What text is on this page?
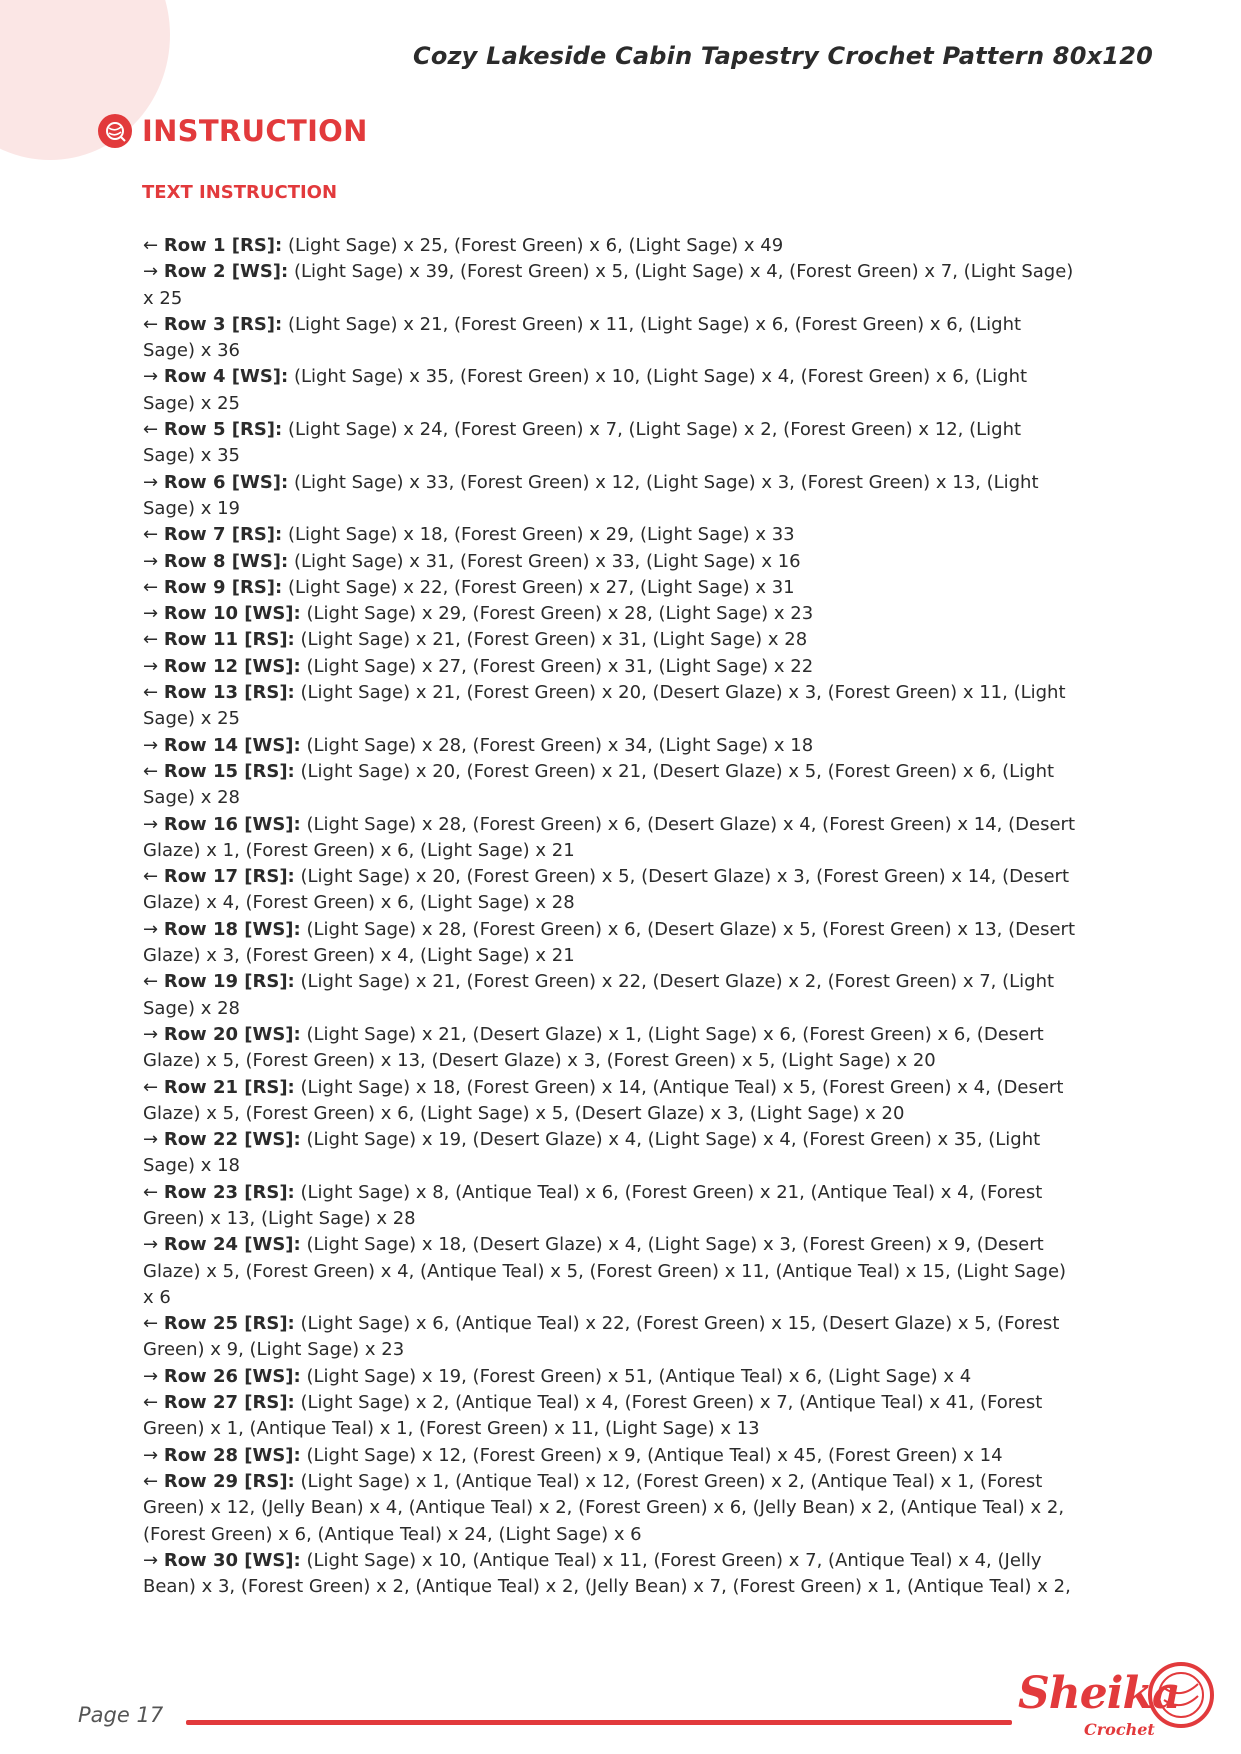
Cozy Lakeside Cabin Tapestry Crochet Pattern 80x120
INSTRUCTION
TEXT INSTRUCTION

← Row 1 [RS]: (Light Sage) x 25, (Forest Green) x 6, (Light Sage) x 49

→ Row 2 [WS]: (Light Sage) x 39, (Forest Green) x 5, (Light Sage) x 4, (Forest Green) x 7, (Light Sage) x 25

← Row 3 [RS]: (Light Sage) x 21, (Forest Green) x 11, (Light Sage) x 6, (Forest Green) x 6, (Light Sage) x 36

→ Row 4 [WS]: (Light Sage) x 35, (Forest Green) x 10, (Light Sage) x 4, (Forest Green) x 6, (Light Sage) x 25

← Row 5 [RS]: (Light Sage) x 24, (Forest Green) x 7, (Light Sage) x 2, (Forest Green) x 12, (Light Sage) x 35

→ Row 6 [WS]: (Light Sage) x 33, (Forest Green) x 12, (Light Sage) x 3, (Forest Green) x 13, (Light Sage) x 19

← Row 7 [RS]: (Light Sage) x 18, (Forest Green) x 29, (Light Sage) x 33

→ Row 8 [WS]: (Light Sage) x 31, (Forest Green) x 33, (Light Sage) x 16

← Row 9 [RS]: (Light Sage) x 22, (Forest Green) x 27, (Light Sage) x 31

→ Row 10 [WS]: (Light Sage) x 29, (Forest Green) x 28, (Light Sage) x 23

← Row 11 [RS]: (Light Sage) x 21, (Forest Green) x 31, (Light Sage) x 28

→ Row 12 [WS]: (Light Sage) x 27, (Forest Green) x 31, (Light Sage) x 22

← Row 13 [RS]: (Light Sage) x 21, (Forest Green) x 20, (Desert Glaze) x 3, (Forest Green) x 11, (Light Sage) x 25

→ Row 14 [WS]: (Light Sage) x 28, (Forest Green) x 34, (Light Sage) x 18

← Row 15 [RS]: (Light Sage) x 20, (Forest Green) x 21, (Desert Glaze) x 5, (Forest Green) x 6, (Light Sage) x 28

→ Row 16 [WS]: (Light Sage) x 28, (Forest Green) x 6, (Desert Glaze) x 4, (Forest Green) x 14, (Desert Glaze) x 1, (Forest Green) x 6, (Light Sage) x 21

← Row 17 [RS]: (Light Sage) x 20, (Forest Green) x 5, (Desert Glaze) x 3, (Forest Green) x 14, (Desert Glaze) x 4, (Forest Green) x 6, (Light Sage) x 28

→ Row 18 [WS]: (Light Sage) x 28, (Forest Green) x 6, (Desert Glaze) x 5, (Forest Green) x 13, (Desert Glaze) x 3, (Forest Green) x 4, (Light Sage) x 21

← Row 19 [RS]: (Light Sage) x 21, (Forest Green) x 22, (Desert Glaze) x 2, (Forest Green) x 7, (Light Sage) x 28

→ Row 20 [WS]: (Light Sage) x 21, (Desert Glaze) x 1, (Light Sage) x 6, (Forest Green) x 6, (Desert Glaze) x 5, (Forest Green) x 13, (Desert Glaze) x 3, (Forest Green) x 5, (Light Sage) x 20

← Row 21 [RS]: (Light Sage) x 18, (Forest Green) x 14, (Antique Teal) x 5, (Forest Green) x 4, (Desert Glaze) x 5, (Forest Green) x 6, (Light Sage) x 5, (Desert Glaze) x 3, (Light Sage) x 20

→ Row 22 [WS]: (Light Sage) x 19, (Desert Glaze) x 4, (Light Sage) x 4, (Forest Green) x 35, (Light Sage) x 18

← Row 23 [RS]: (Light Sage) x 8, (Antique Teal) x 6, (Forest Green) x 21, (Antique Teal) x 4, (Forest Green) x 13, (Light Sage) x 28

→ Row 24 [WS]: (Light Sage) x 18, (Desert Glaze) x 4, (Light Sage) x 3, (Forest Green) x 9, (Desert Glaze) x 5, (Forest Green) x 4, (Antique Teal) x 5, (Forest Green) x 11, (Antique Teal) x 15, (Light Sage) x 6

← Row 25 [RS]: (Light Sage) x 6, (Antique Teal) x 22, (Forest Green) x 15, (Desert Glaze) x 5, (Forest Green) x 9, (Light Sage) x 23

→ Row 26 [WS]: (Light Sage) x 19, (Forest Green) x 51, (Antique Teal) x 6, (Light Sage) x 4

← Row 27 [RS]: (Light Sage) x 2, (Antique Teal) x 4, (Forest Green) x 7, (Antique Teal) x 41, (Forest Green) x 1, (Antique Teal) x 1, (Forest Green) x 11, (Light Sage) x 13

→ Row 28 [WS]: (Light Sage) x 12, (Forest Green) x 9, (Antique Teal) x 45, (Forest Green) x 14

← Row 29 [RS]: (Light Sage) x 1, (Antique Teal) x 12, (Forest Green) x 2, (Antique Teal) x 1, (Forest Green) x 12, (Jelly Bean) x 4, (Antique Teal) x 2, (Forest Green) x 6, (Jelly Bean) x 2, (Antique Teal) x 2, (Forest Green) x 6, (Antique Teal) x 24, (Light Sage) x 6

→ Row 30 [WS]: (Light Sage) x 10, (Antique Teal) x 11, (Forest Green) x 7, (Antique Teal) x 4, (Jelly Bean) x 3, (Forest Green) x 2, (Antique Teal) x 2, (Jelly Bean) x 7, (Forest Green) x 1, (Antique Teal) x 2,

Page 17	Sheika
Crochet
